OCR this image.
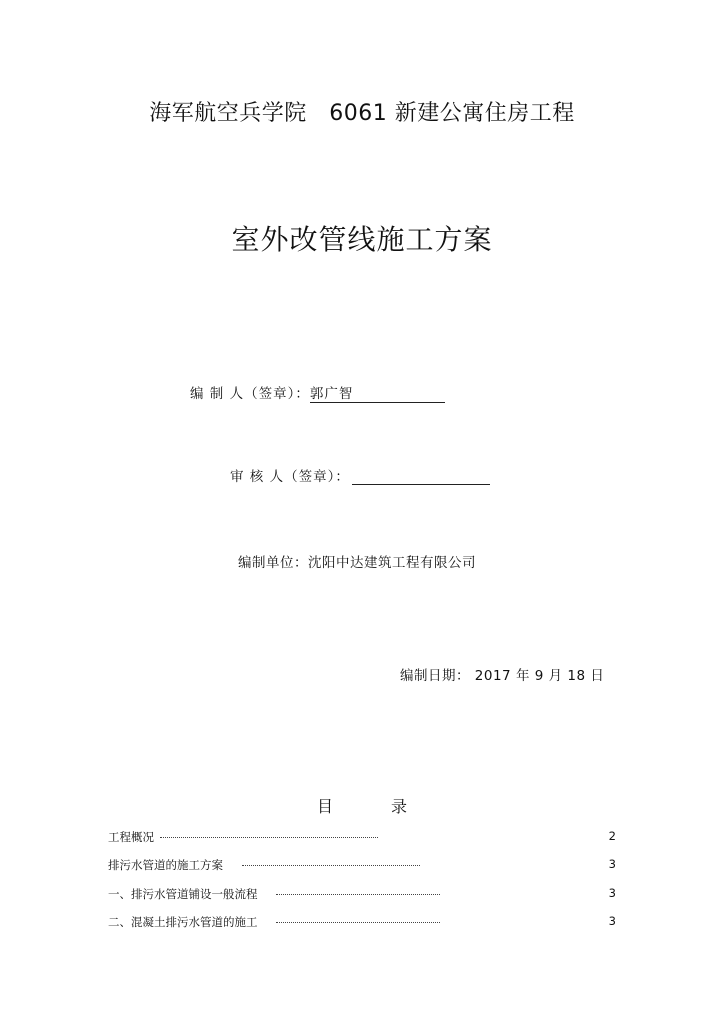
海军航空兵学院　6061 新建公寓住房工程
室外改管线施工方案
编 制 人（签章）：郭广智
审 核 人（签章）：
编制单位：沈阳中达建筑工程有限公司
编制日期： 2017 年 9 月 18 日
目	录
工程概况	2
排污水管道的施工方案	3
一、排污水管道铺设一般流程	3
二、混凝土排污水管道的施工	3
